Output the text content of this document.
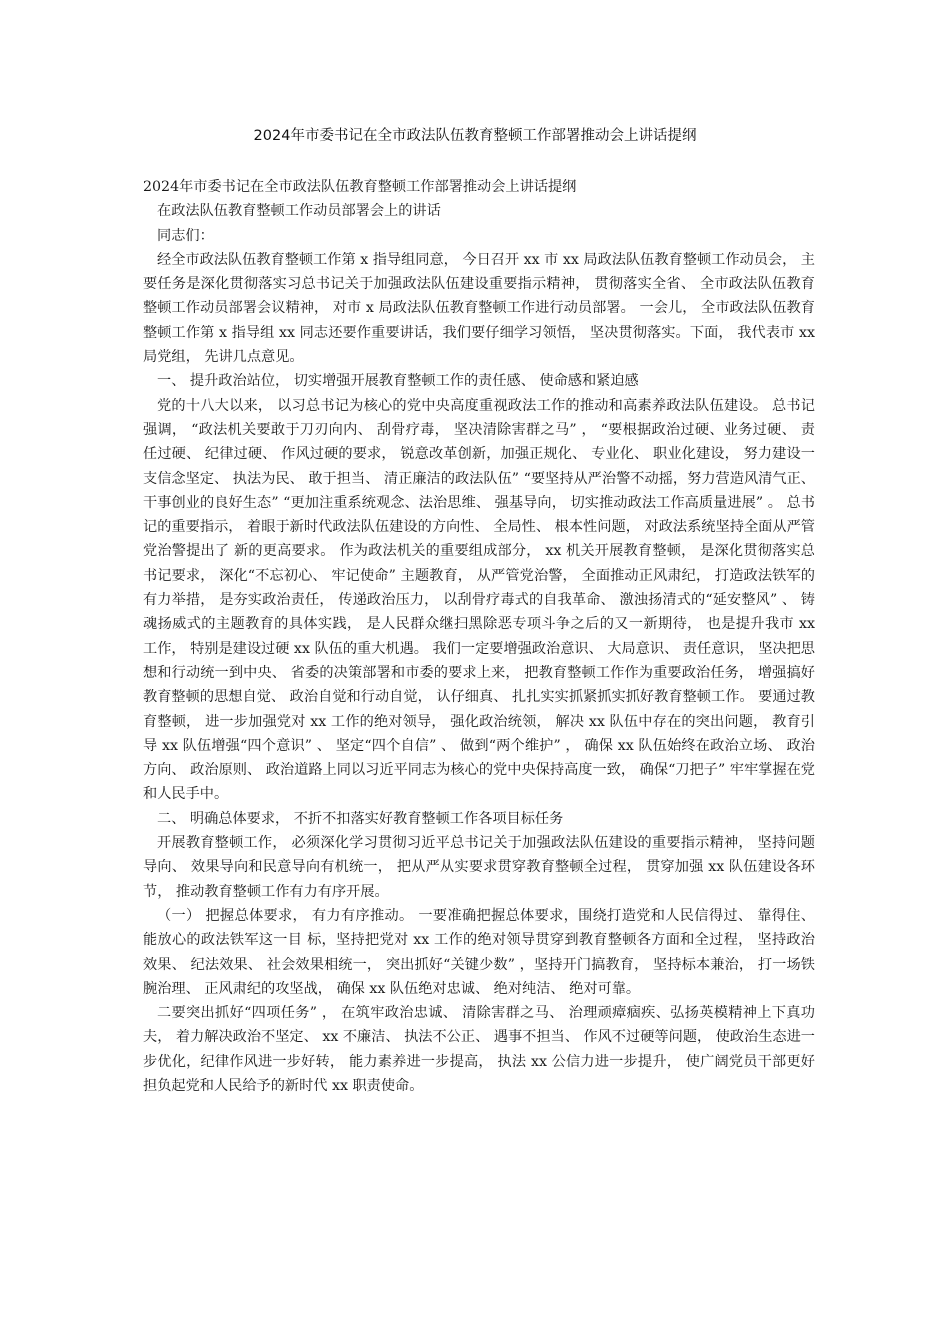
2024年市委书记在全市政法队伍教育整顿工作部署推动会上讲话提纲

2024年市委书记在全市政法队伍教育整顿工作部署推动会上讲话提纲

在政法队伍教育整顿工作动员部署会上的讲话

同志们：

经全市政法队伍教育整顿工作第 x 指导组同意， 今日召开 xx 市 xx 局政法队伍教育整顿工作动员会， 主要任务是深化贯彻落实习总书记关于加强政法队伍建设重要指示精神， 贯彻落实全省、 全市政法队伍教育整顿工作动员部署会议精神， 对市 x 局政法队伍教育整顿工作进行动员部署。 一会儿， 全市政法队伍教育整顿工作第 x 指导组 xx 同志还要作重要讲话，我们要仔细学习领悟， 坚决贯彻落实。下面， 我代表市 xx 局党组， 先讲几点意见。

一、 提升政治站位， 切实增强开展教育整顿工作的责任感、 使命感和紧迫感

党的十八大以来， 以习总书记为核心的党中央高度重视政法工作的推动和高素养政法队伍建设。 总书记强调， “政法机关要敢于刀刃向内、 刮骨疗毒， 坚决清除害群之马” ， “要根据政治过硬、业务过硬、 责任过硬、 纪律过硬、 作风过硬的要求， 锐意改革创新，加强正规化、 专业化、 职业化建设， 努力建设一支信念坚定、 执法为民、 敢于担当、 清正廉洁的政法队伍” “要坚持从严治警不动摇，努力营造风清气正、 干事创业的良好生态” “更加注重系统观念、法治思维、 强基导向， 切实推动政法工作高质量进展” 。 总书记的重要指示， 着眼于新时代政法队伍建设的方向性、 全局性、 根本性问题， 对政法系统坚持全面从严管党治警提出了 新的更高要求。 作为政法机关的重要组成部分， xx 机关开展教育整顿， 是深化贯彻落实总书记要求， 深化“不忘初心、 牢记使命” 主题教育， 从严管党治警， 全面推动正风肃纪， 打造政法铁军的有力举措， 是夯实政治责任， 传递政治压力， 以刮骨疗毒式的自我革命、 激浊扬清式的“延安整风” 、 铸魂扬威式的主题教育的具体实践， 是人民群众继扫黑除恶专项斗争之后的又一新期待， 也是提升我市 xx 工作， 特别是建设过硬 xx 队伍的重大机遇。 我们一定要增强政治意识、 大局意识、 责任意识， 坚决把思想和行动统一到中央、 省委的决策部署和市委的要求上来， 把教育整顿工作作为重要政治任务， 增强搞好教育整顿的思想自觉、 政治自觉和行动自觉， 认仔细真、 扎扎实实抓紧抓实抓好教育整顿工作。 要通过教育整顿， 进一步加强党对 xx 工作的绝对领导， 强化政治统领， 解决 xx 队伍中存在的突出问题， 教育引导 xx 队伍增强“四个意识” 、 坚定“四个自信” 、 做到“两个维护” ， 确保 xx 队伍始终在政治立场、 政治方向、 政治原则、 政治道路上同以习近平同志为核心的党中央保持高度一致， 确保“刀把子” 牢牢掌握在党和人民手中。

二、 明确总体要求， 不折不扣落实好教育整顿工作各项目标任务

开展教育整顿工作， 必须深化学习贯彻习近平总书记关于加强政法队伍建设的重要指示精神， 坚持问题导向、 效果导向和民意导向有机统一， 把从严从实要求贯穿教育整顿全过程， 贯穿加强 xx 队伍建设各环节， 推动教育整顿工作有力有序开展。

（一） 把握总体要求， 有力有序推动。 一要准确把握总体要求，围绕打造党和人民信得过、 靠得住、 能放心的政法铁军这一目 标，坚持把党对 xx 工作的绝对领导贯穿到教育整顿各方面和全过程， 坚持政治效果、 纪法效果、 社会效果相统一， 突出抓好“关键少数” ，坚持开门搞教育， 坚持标本兼治， 打一场铁腕治理、 正风肃纪的攻坚战， 确保 xx 队伍绝对忠诚、 绝对纯洁、 绝对可靠。

二要突出抓好“四项任务” ， 在筑牢政治忠诚、 清除害群之马、 治理顽瘴痼疾、弘扬英模精神上下真功夫， 着力解决政治不坚定、 xx 不廉洁、 执法不公正、 遇事不担当、 作风不过硬等问题， 使政治生态进一步优化，纪律作风进一步好转， 能力素养进一步提高， 执法 xx 公信力进一步提升， 使广阔党员干部更好担负起党和人民给予的新时代 xx 职责使命。
